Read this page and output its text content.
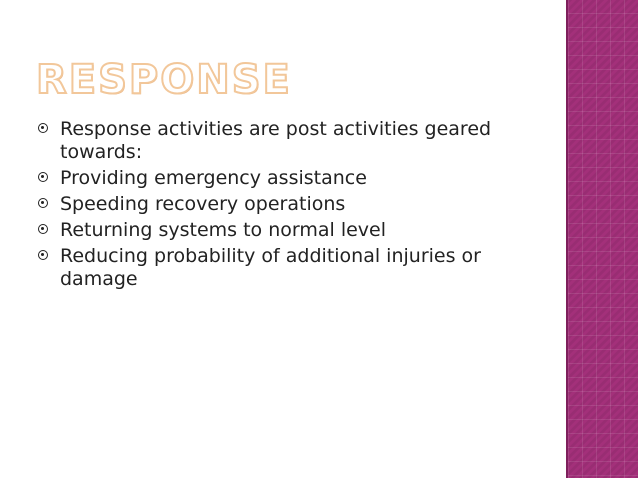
RESPONSE
Response activities are post activities geared towards:
Providing emergency assistance
Speeding recovery operations
Returning systems to normal level
Reducing probability of additional injuries or damage
